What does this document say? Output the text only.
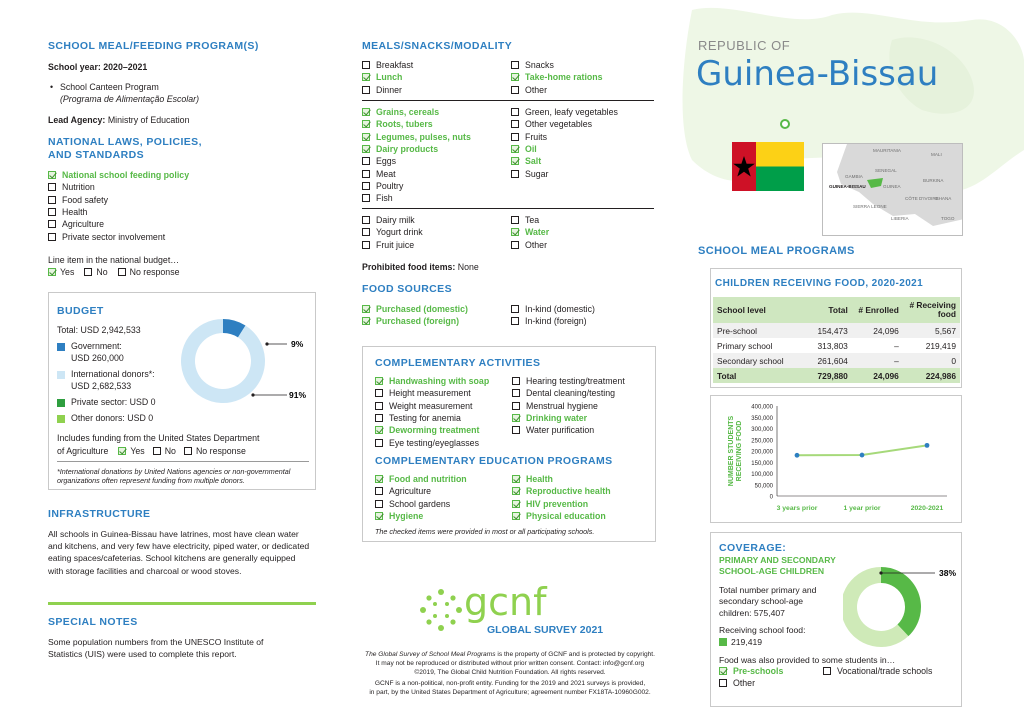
SCHOOL MEAL/FEEDING PROGRAM(S)
School year: 2020–2021
• School Canteen Program
(Programa de Alimentação Escolar)
Lead Agency: Ministry of Education
NATIONAL LAWS, POLICIES,
AND STANDARDS
National school feeding policy
Nutrition
Food safety
Health
Agriculture
Private sector involvement
Line item in the national budget…
Yes	No	No response
BUDGET
Total: USD 2,942,533
Government:
USD 260,000
International donors*:
USD 2,682,533
Private sector: USD 0
Other donors: USD 0
9%
91%
Includes funding from the United States Department
of Agriculture	Yes No No response
*International donations by United Nations agencies or non-governmental organizations often represent funding from multiple donors.
INFRASTRUCTURE
All schools in Guinea-Bissau have latrines, most have clean water and kitchens, and very few have electricity, piped water, or dedicated eating spaces/cafeterias. School kitchens are generally equipped with storage facilities and charcoal or wood stoves.
SPECIAL NOTES
Some population numbers from the UNESCO Institute of Statistics (UIS) were used to complete this report.
MEALS/SNACKS/MODALITY
Breakfast
Lunch
Dinner
Snacks
Take-home rations
Other
Grains, cereals
Roots, tubers
Legumes, pulses, nuts
Dairy products
Eggs
Meat
Poultry
Fish
Green, leafy vegetables
Other vegetables
Fruits
Oil
Salt
Sugar
Dairy milk
Yogurt drink
Fruit juice
Tea
Water
Other
Prohibited food items: None
FOOD SOURCES
Purchased (domestic)
Purchased (foreign)
In-kind (domestic)
In-kind (foreign)
COMPLEMENTARY ACTIVITIES
Handwashing with soap
Height measurement
Weight measurement
Testing for anemia
Deworming treatment
Eye testing/eyeglasses
Hearing testing/treatment
Dental cleaning/testing
Menstrual hygiene
Drinking water
Water purification
COMPLEMENTARY EDUCATION PROGRAMS
Food and nutrition
Agriculture
School gardens
Hygiene
Health
Reproductive health
HIV prevention
Physical education
The checked items were provided in most or all participating schools.
gcnf
GLOBAL SURVEY 2021
The Global Survey of School Meal Programs is the property of GCNF and is protected by copyright.
It may not be reproduced or distributed without prior written consent. Contact: info@gcnf.org
©2019, The Global Child Nutrition Foundation. All rights reserved.
GCNF is a non-political, non-profit entity. Funding for the 2019 and 2021 surveys is provided,
in part, by the United States Department of Agriculture; agreement number FX18TA-10960G002.
REPUBLIC OF
Guinea-Bissau
MAURITANIA
MALI
GAMBIA
SENEGAL
GUINEA-BISSAU	GUINEA
BURKINA
SIERRA LEONE
CÔTE D'IVOIRE
GHANA
LIBERIA	TOGO
SCHOOL MEAL PROGRAMS
CHILDREN RECEIVING FOOD, 2020-2021
School level	Total	# Enrolled	# Receiving food
Pre-school	154,473	24,096	5,567
Primary school	313,803	–	219,419
Secondary school	261,604	–	0
Total	729,880	24,096	224,986
0
50,000
100,000
150,000
200,000
250,000
300,000
350,000
400,000
NUMBER STUDENTSRECEIVING FOOD
3 years prior	1 year prior	2020-2021
COVERAGE:
PRIMARY AND SECONDARY
SCHOOL-AGE CHILDREN
Total number primary and
secondary school-age
children: 575,407
Receiving school food:
219,419
38%
Food was also provided to some students in…
Pre-schools
Other
Vocational/trade schools
